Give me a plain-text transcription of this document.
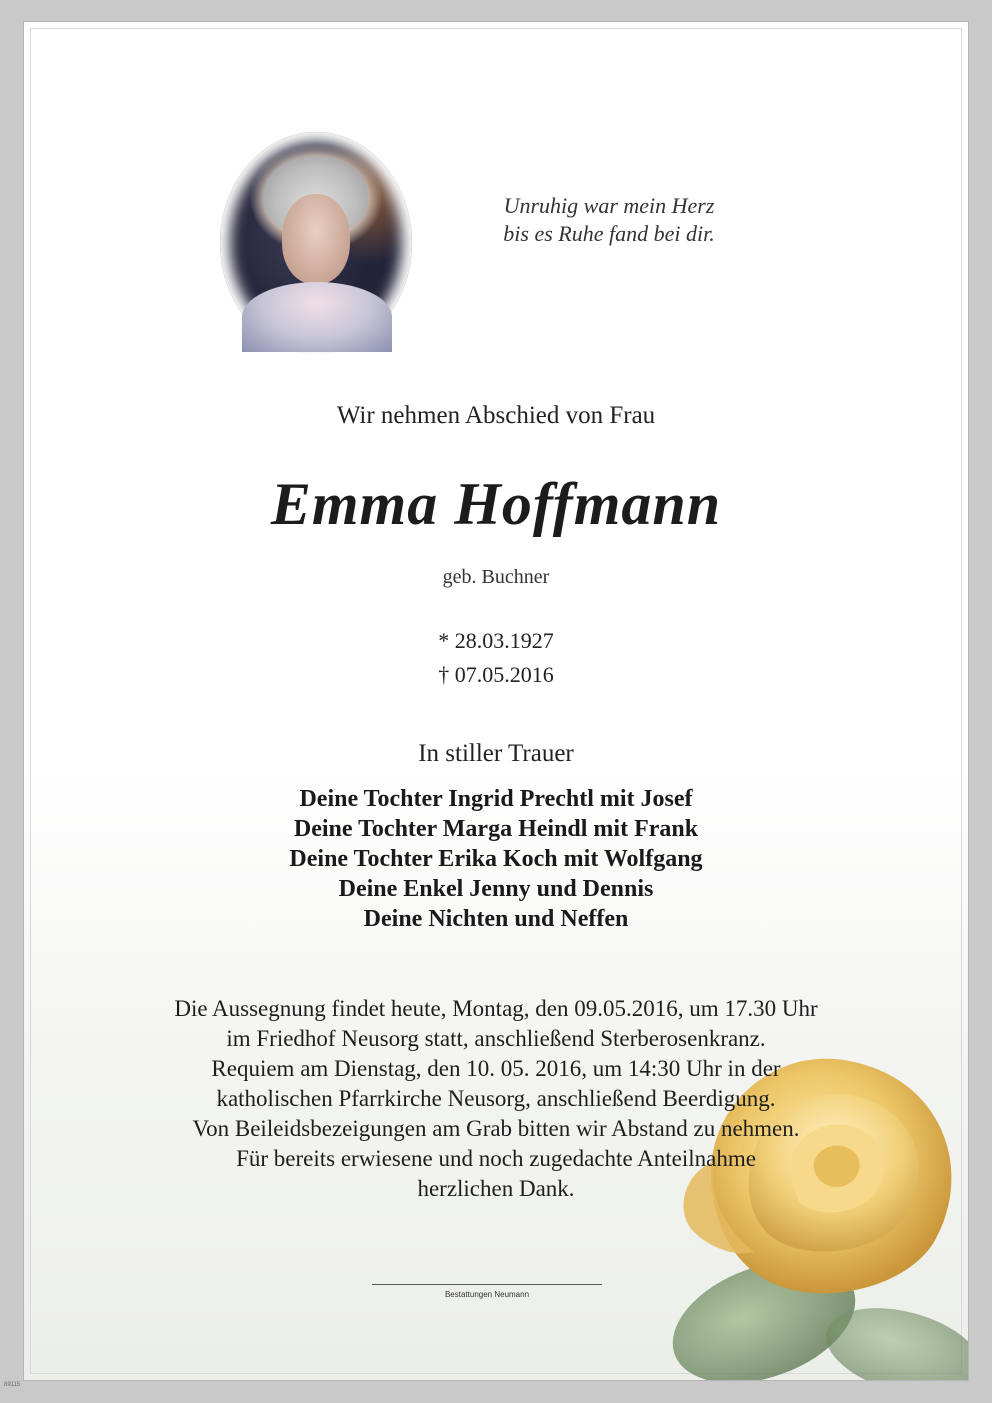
Unruhig war mein Herz
bis es Ruhe fand bei dir.
Wir nehmen Abschied von Frau
Emma Hoffmann
geb. Buchner
* 28.03.1927
† 07.05.2016
In stiller Trauer
Deine Tochter Ingrid Prechtl mit Josef
Deine Tochter Marga Heindl mit Frank
Deine Tochter Erika Koch mit Wolfgang
Deine Enkel Jenny und Dennis
Deine Nichten und Neffen
Die Aussegnung findet heute, Montag, den 09.05.2016, um 17.30 Uhr
im Friedhof Neusorg statt, anschließend Sterberosenkranz.
Requiem am Dienstag, den 10. 05. 2016, um 14:30 Uhr in der
katholischen Pfarrkirche Neusorg, anschließend Beerdigung.
Von Beileidsbezeigungen am Grab bitten wir Abstand zu nehmen.
Für bereits erwiesene und noch zugedachte Anteilnahme
herzlichen Dank.
Bestattungen Neumann
89115
